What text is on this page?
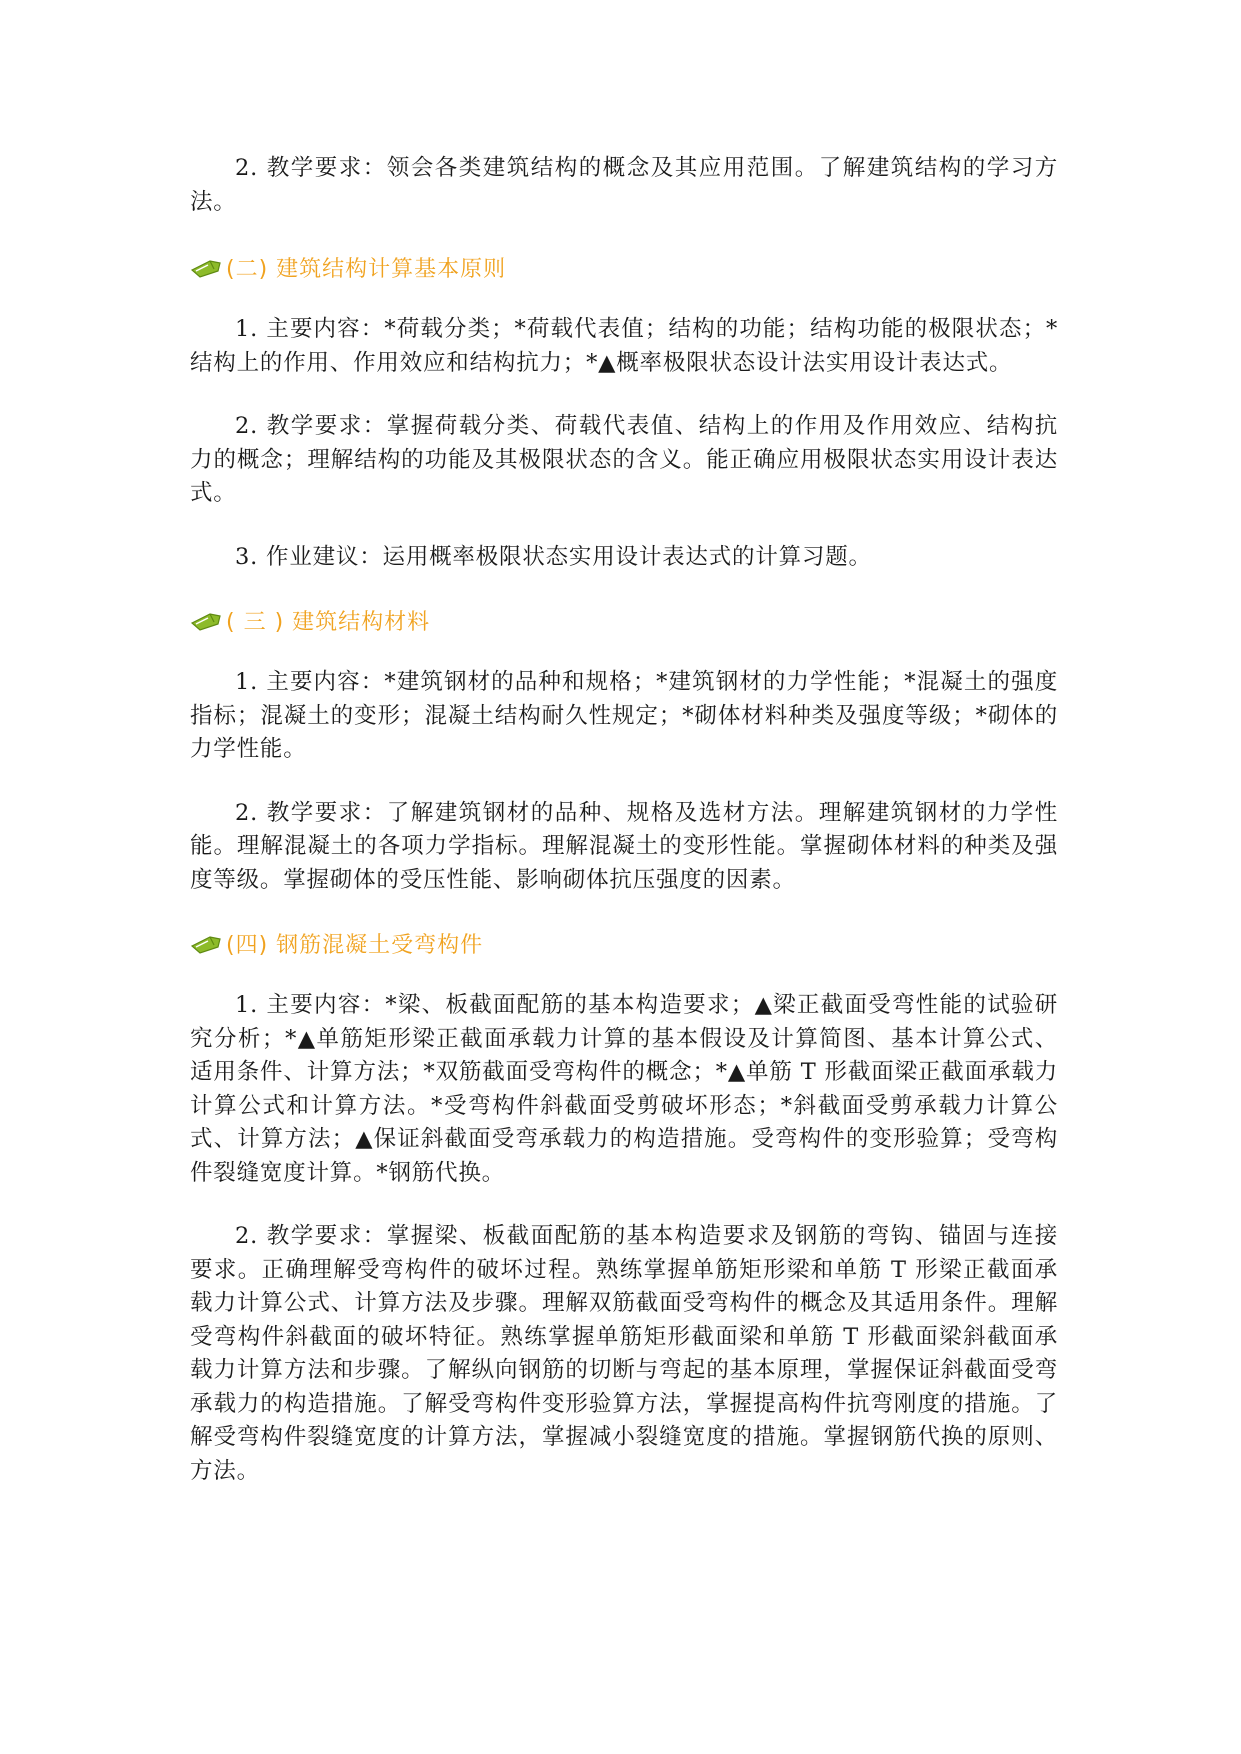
2. 教学要求：领会各类建筑结构的概念及其应用范围。了解建筑结构的学习方法。

(二) 建筑结构计算基本原则

1. 主要内容：*荷载分类；*荷载代表值；结构的功能；结构功能的极限状态；*结构上的作用、作用效应和结构抗力；*▲概率极限状态设计法实用设计表达式。

2. 教学要求：掌握荷载分类、荷载代表值、结构上的作用及作用效应、结构抗力的概念；理解结构的功能及其极限状态的含义。能正确应用极限状态实用设计表达式。

3. 作业建议：运用概率极限状态实用设计表达式的计算习题。

( 三 ) 建筑结构材料

1. 主要内容：*建筑钢材的品种和规格；*建筑钢材的力学性能；*混凝土的强度指标；混凝土的变形；混凝土结构耐久性规定；*砌体材料种类及强度等级；*砌体的力学性能。

2. 教学要求：了解建筑钢材的品种、规格及选材方法。理解建筑钢材的力学性能。理解混凝土的各项力学指标。理解混凝土的变形性能。掌握砌体材料的种类及强度等级。掌握砌体的受压性能、影响砌体抗压强度的因素。

(四) 钢筋混凝土受弯构件

1. 主要内容：*梁、板截面配筋的基本构造要求；▲梁正截面受弯性能的试验研究分析；*▲单筋矩形梁正截面承载力计算的基本假设及计算简图、基本计算公式、适用条件、计算方法；*双筋截面受弯构件的概念；*▲单筋 T 形截面梁正截面承载力计算公式和计算方法。*受弯构件斜截面受剪破坏形态；*斜截面受剪承载力计算公式、计算方法；▲保证斜截面受弯承载力的构造措施。受弯构件的变形验算；受弯构件裂缝宽度计算。*钢筋代换。

2. 教学要求：掌握梁、板截面配筋的基本构造要求及钢筋的弯钩、锚固与连接要求。正确理解受弯构件的破坏过程。熟练掌握单筋矩形梁和单筋 T 形梁正截面承载力计算公式、计算方法及步骤。理解双筋截面受弯构件的概念及其适用条件。理解受弯构件斜截面的破坏特征。熟练掌握单筋矩形截面梁和单筋 T 形截面梁斜截面承载力计算方法和步骤。了解纵向钢筋的切断与弯起的基本原理，掌握保证斜截面受弯承载力的构造措施。了解受弯构件变形验算方法，掌握提高构件抗弯刚度的措施。了解受弯构件裂缝宽度的计算方法，掌握减小裂缝宽度的措施。掌握钢筋代换的原则、方法。
